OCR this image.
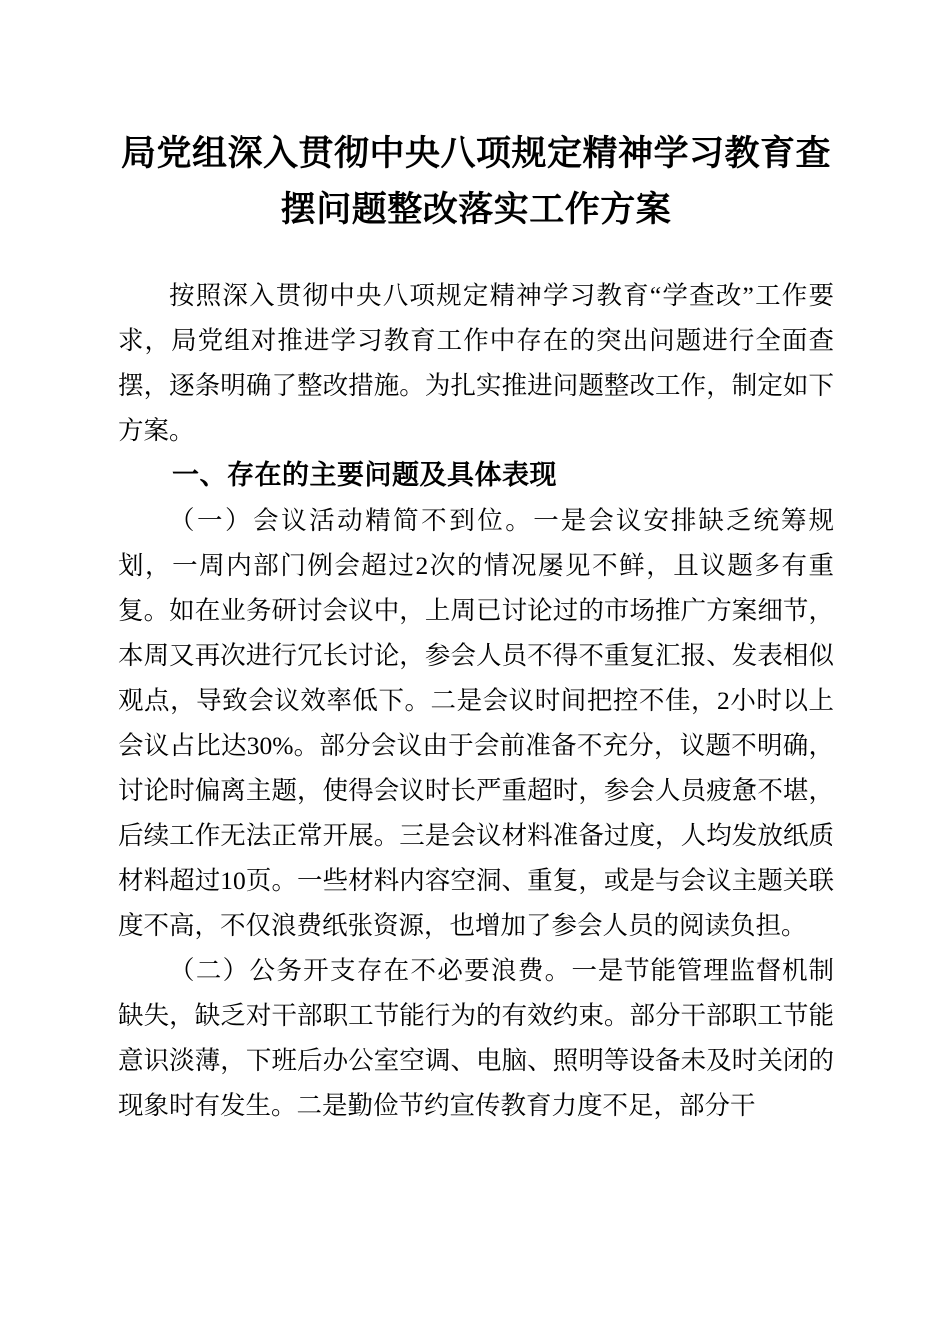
局党组深入贯彻中央八项规定精神学习教育查摆问题整改落实工作方案

按照深入贯彻中央八项规定精神学习教育“学查改”工作要求，局党组对推进学习教育工作中存在的突出问题进行全面查摆，逐条明确了整改措施。为扎实推进问题整改工作，制定如下方案。

一、存在的主要问题及具体表现

（一）会议活动精简不到位。一是会议安排缺乏统筹规划，一周内部门例会超过2次的情况屡见不鲜，且议题多有重复。如在业务研讨会议中，上周已讨论过的市场推广方案细节，本周又再次进行冗长讨论，参会人员不得不重复汇报、发表相似观点，导致会议效率低下。二是会议时间把控不佳，2小时以上会议占比达30%。部分会议由于会前准备不充分，议题不明确，讨论时偏离主题，使得会议时长严重超时，参会人员疲惫不堪，后续工作无法正常开展。三是会议材料准备过度，人均发放纸质材料超过10页。一些材料内容空洞、重复，或是与会议主题关联度不高，不仅浪费纸张资源，也增加了参会人员的阅读负担。

（二）公务开支存在不必要浪费。一是节能管理监督机制缺失，缺乏对干部职工节能行为的有效约束。部分干部职工节能意识淡薄，下班后办公室空调、电脑、照明等设备未及时关闭的现象时有发生。二是勤俭节约宣传教育力度不足，部分干
